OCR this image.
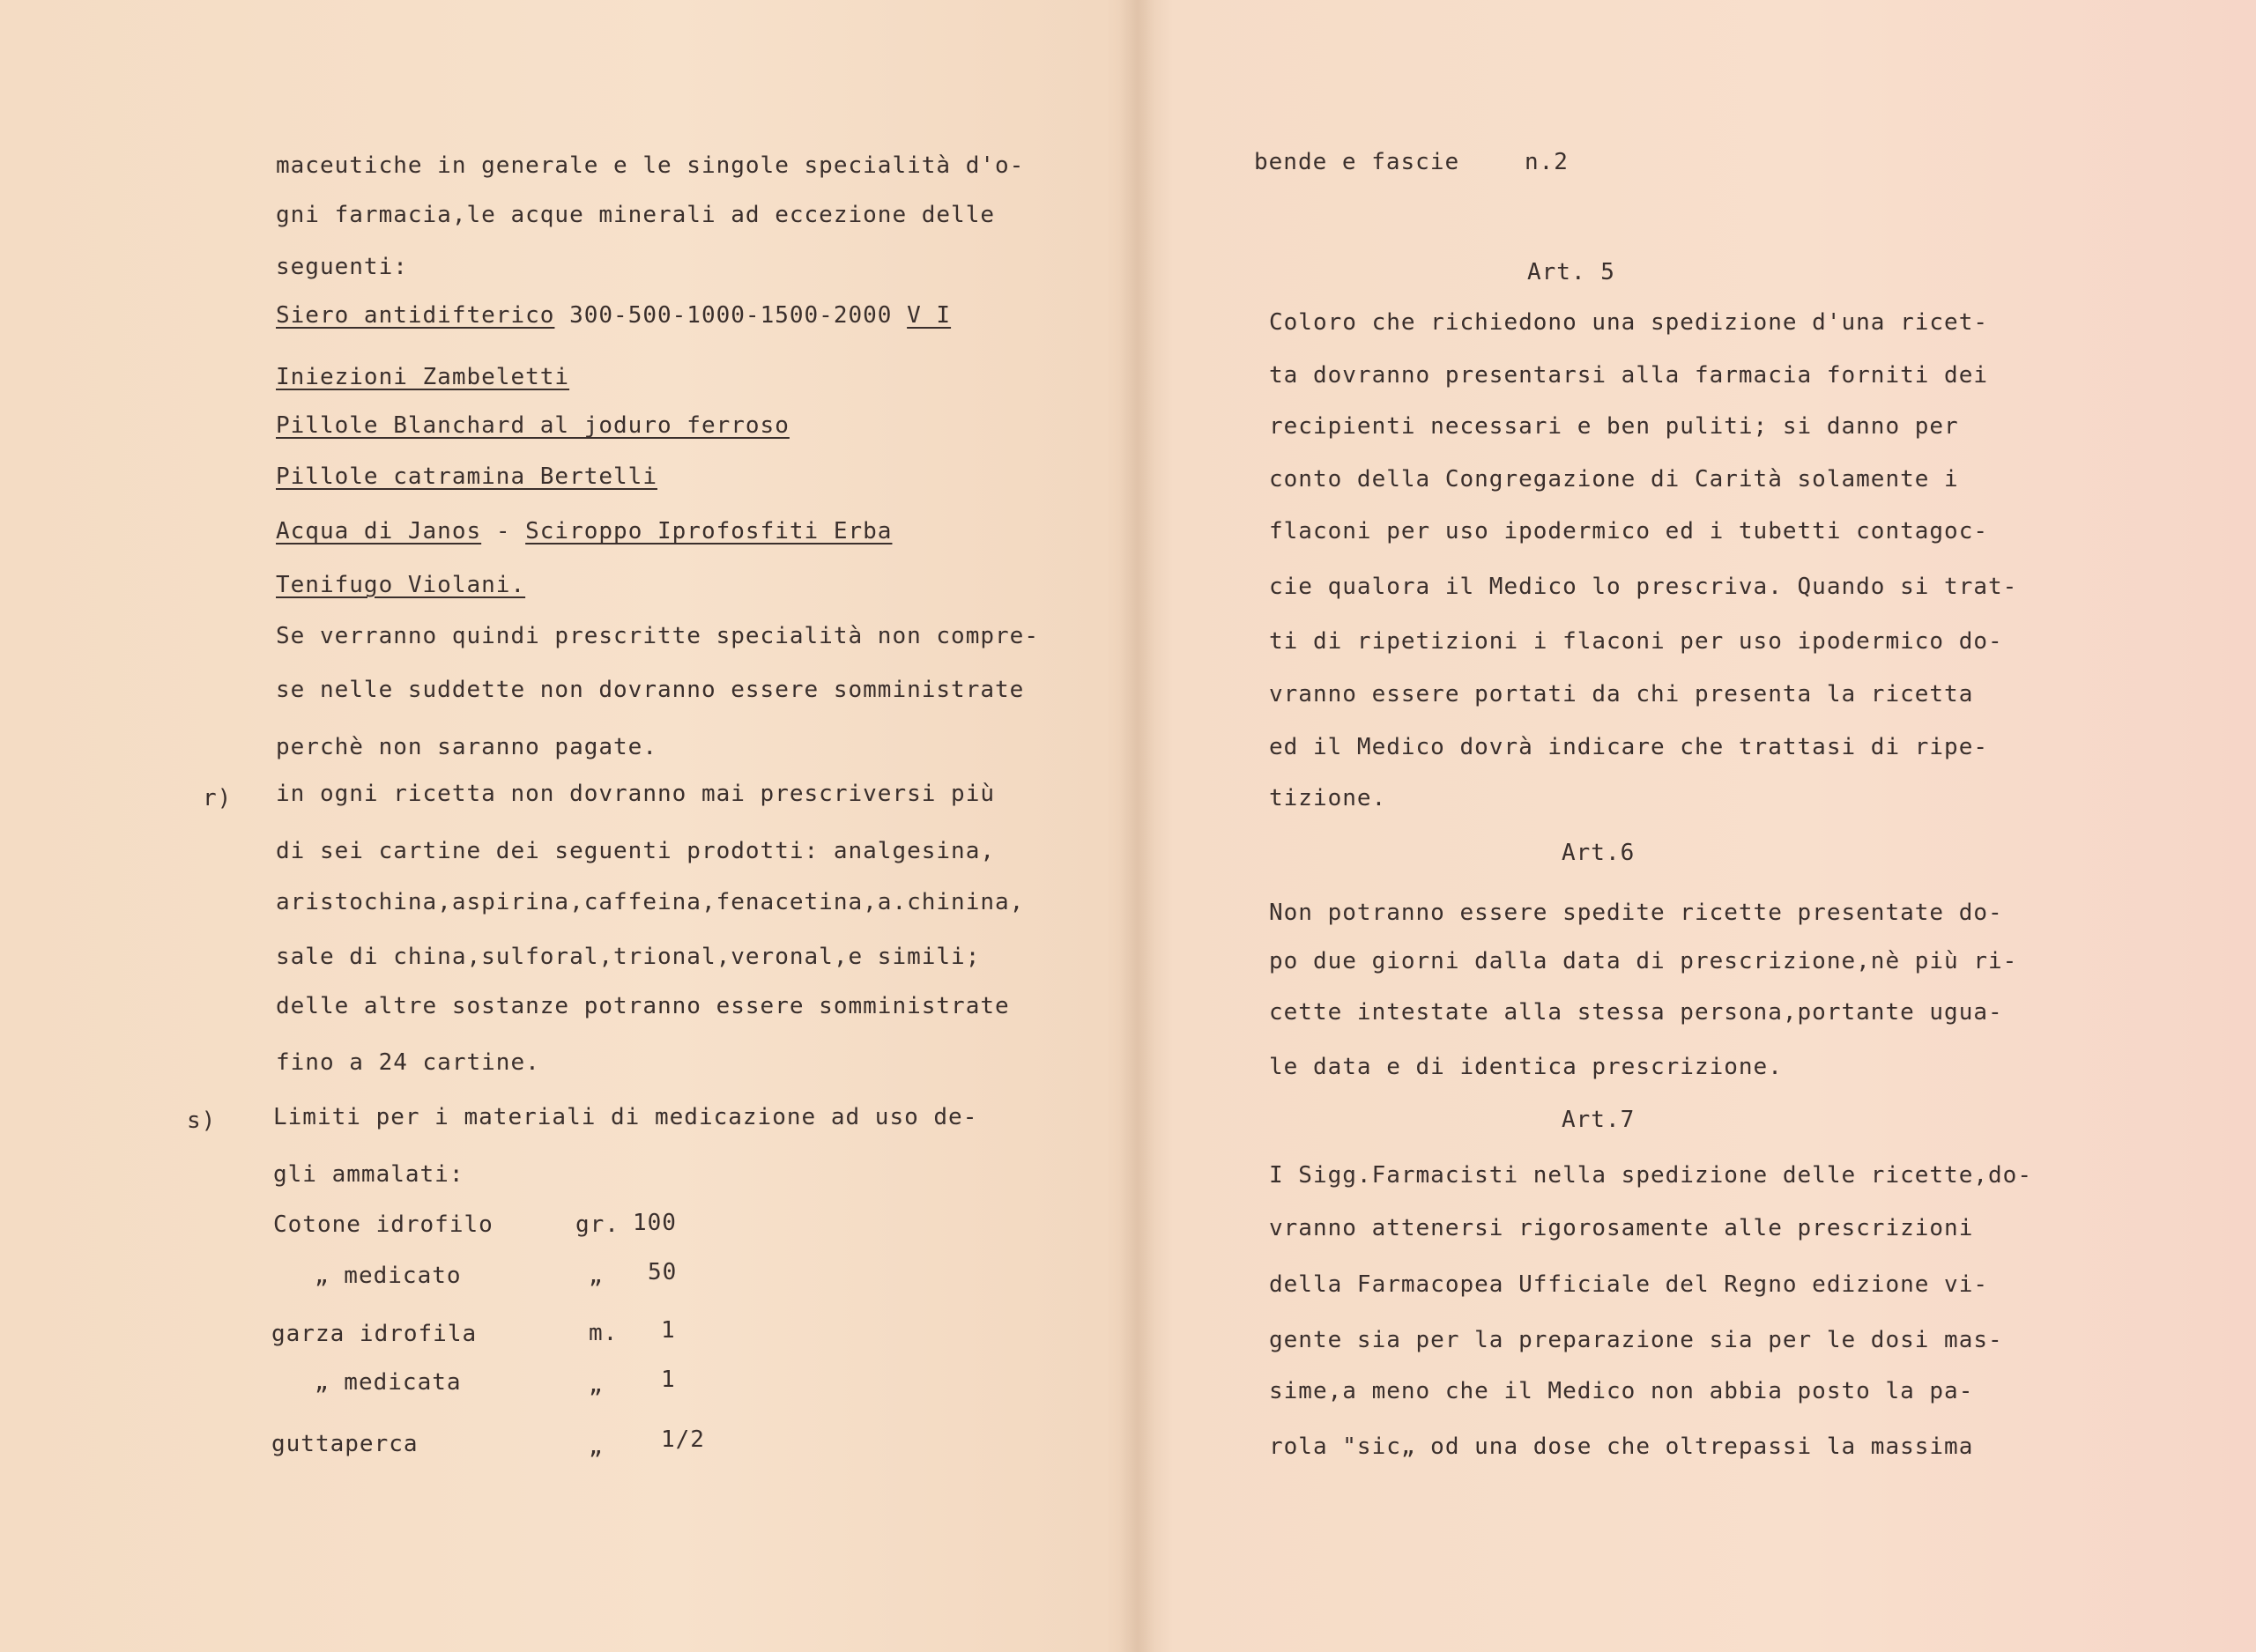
maceutiche in generale e le singole specialità d'o-
gni farmacia,le acque minerali ad eccezione delle
seguenti:
Siero antidifterico 300-500-1000-1500-2000 V I
Iniezioni Zambeletti
Pillole Blanchard al joduro ferroso
Pillole catramina Bertelli
Acqua di Janos - Sciroppo Iprofosfiti Erba
Tenifugo Violani.
Se verranno quindi prescritte specialità non compre-
se nelle suddette non dovranno essere somministrate
perchè non saranno pagate.
r) in ogni ricetta non dovranno mai prescriversi più
di sei cartine dei seguenti prodotti: analgesina,
aristochina,aspirina,caffeina,fenacetina,a.chinina,
sale di china,sulforal,trional,veronal,e simili;
delle altre sostanze potranno essere somministrate
fino a 24 cartine.
s) Limiti per i materiali di medicazione ad uso de-
gli ammalati:
Cotone idrofilo	gr. 100
„ medicato	„ 50
garza idrofila	m. 1
„ medicata	„	1
guttaperca	„	1/2
bende e fascie	n.2
Art. 5
Coloro che richiedono una spedizione d'una ricet-
ta dovranno presentarsi alla farmacia forniti dei
recipienti necessari e ben puliti; si danno per
conto della Congregazione di Carità solamente i
flaconi per uso ipodermico ed i tubetti contagoc-
cie qualora il Medico lo prescriva. Quando si trat-
ti di ripetizioni i flaconi per uso ipodermico do-
vranno essere portati da chi presenta la ricetta
ed il Medico dovrà indicare che trattasi di ripe-
tizione.
Art.6
Non potranno essere spedite ricette presentate do-
po due giorni dalla data di prescrizione,nè più ri-
cette intestate alla stessa persona,portante ugua-
le data e di identica prescrizione.
Art.7
I Sigg.Farmacisti nella spedizione delle ricette,do-
vranno attenersi rigorosamente alle prescrizioni
della Farmacopea Ufficiale del Regno edizione vi-
gente sia per la preparazione sia per le dosi mas-
sime,a meno che il Medico non abbia posto la pa-
rola "sic„ od una dose che oltrepassi la massima
